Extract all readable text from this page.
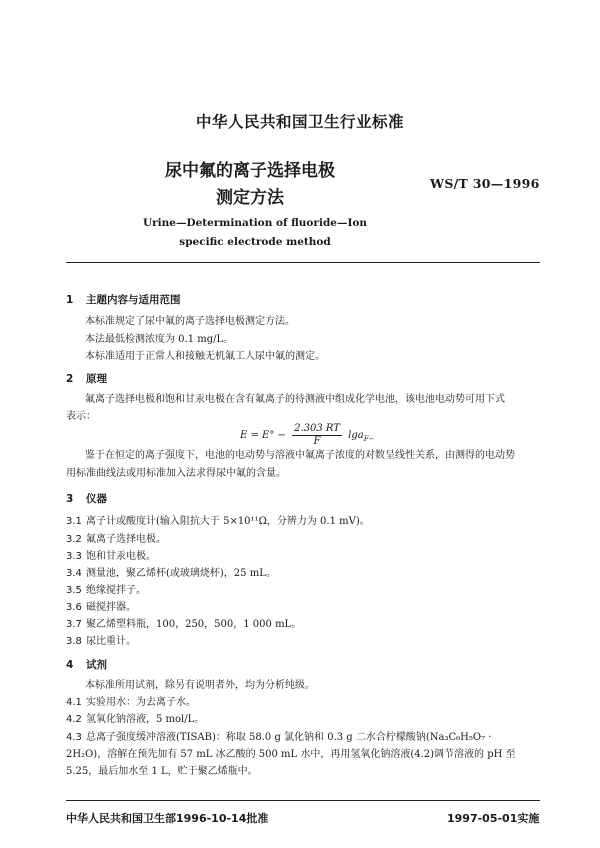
中华人民共和国卫生行业标准
尿中氟的离子选择电极
测定方法
WS/T 30—1996
Urine—Determination of fluoride—Ion
specific electrode method
1 主题内容与适用范围
本标准规定了尿中氟的离子选择电极测定方法。
本法最低检测浓度为 0.1 mg/L。
本标准适用于正常人和接触无机氟工人尿中氟的测定。
2 原理
氟离子选择电极和饱和甘汞电极在含有氟离子的待测液中组成化学电池，该电池电动势可用下式
表示：
$E = E^\circ - \frac{2.303 RT}{F} \lg a_{F-}$
鉴于在恒定的离子强度下，电池的电动势与溶液中氟离子浓度的对数呈线性关系，由测得的电动势
用标准曲线法或用标准加入法求得尿中氟的含量。
3 仪器
3.1 离子计或酸度计(输入阻抗大于 5×10¹¹Ω，分辨力为 0.1 mV)。
3.2 氟离子选择电极。
3.3 饱和甘汞电极。
3.4 测量池，聚乙烯杯(或玻璃烧杯)，25 mL。
3.5 绝缘搅拌子。
3.6 磁搅拌器。
3.7 聚乙烯塑料瓶，100，250，500，1 000 mL。
3.8 尿比重计。
4 试剂
本标准所用试剂，除另有说明者外，均为分析纯级。
4.1 实验用水：为去离子水。
4.2 氢氧化钠溶液，5 mol/L。
4.3 总离子强度缓冲溶液(TISAB)：称取 58.0 g 氯化钠和 0.3 g 二水合柠檬酸钠(Na₃C₆H₅O₇ ·
2H₂O)，溶解在预先加有 57 mL 冰乙酸的 500 mL 水中，再用氢氧化钠溶液(4.2)调节溶液的 pH 至
5.25，最后加水至 1 L，贮于聚乙烯瓶中。
中华人民共和国卫生部1996-10-14批准	1997-05-01实施
